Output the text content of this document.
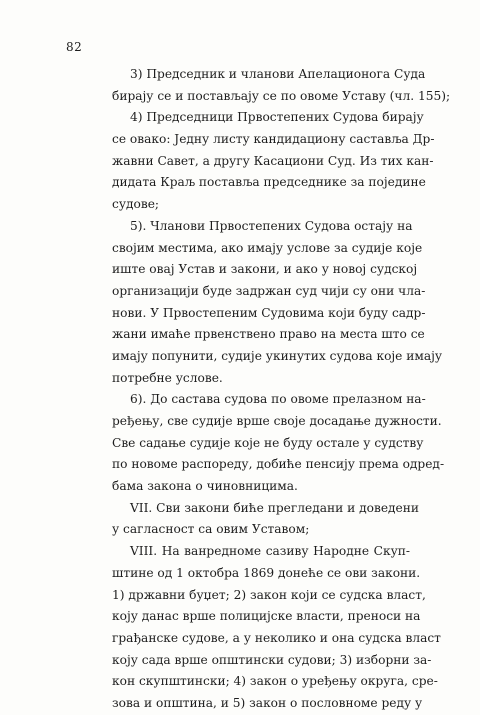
82
3) Председник и чланови Апелационога Суда
бирају се и постављају се по овоме Уставу (чл. 155);
4) Председници Првостепених Судова бирају
се овако: Једну листу кандидациону саставља Др-
жавни Савет, а другу Касациони Суд. Из тих кан-
дидата Краљ поставља председнике за поједине
судове;
5). Чланови Првостепених Судова остају на
својим местима, ако имају услове за судије које
иште овај Устав и закони, и ако у новој судској
организацији буде задржан суд чији су они чла-
нови. У Првостепеним Судовима који буду садр-
жани имаће првенствено право на места што се
имају попунити, судије укинутих судова које имају
потребне услове.
6). До састава судова по овоме прелазном на-
ређењу, све судије врше своје досадање дужности.
Све садање судије које не буду остале у судству
по новоме распореду, добиће пенсију према одред-
бама закона о чиновницима.
VII. Сви закони биће прегледани и доведени
у сагласност са овим Уставом;
VIII. На ванредноме сазиву Народне Скуп-
штине од 1 октобра 1869 донеће се ови закони.
1) државни буџет; 2) закон који се судска власт,
коју данас врше полицијске власти, преноси на
грађанске судове, а у неколико и она судска власт
коју сада врше општински судови; 3) изборни за-
кон скупштински; 4) закон о уређењу округа, сре-
зова и општина, и 5) закон о пословноме реду у
